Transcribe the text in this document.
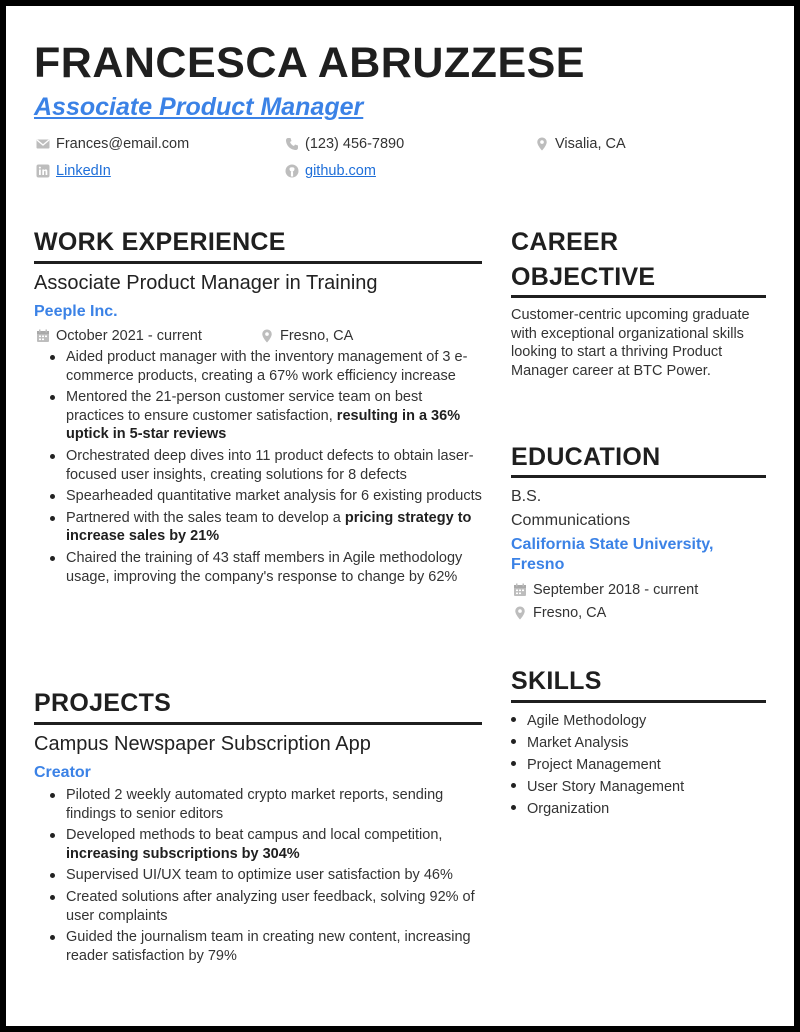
FRANCESCA ABRUZZESE
Associate Product Manager
Frances@email.com	(123) 456-7890	Visalia, CA
LinkedIn	github.com
WORK EXPERIENCE
Associate Product Manager in Training
Peeple Inc.
October 2021 - current	Fresno, CA
Aided product manager with the inventory management of 3 e-commerce products, creating a 67% work efficiency increase
Mentored the 21-person customer service team on best practices to ensure customer satisfaction, resulting in a 36% uptick in 5-star reviews
Orchestrated deep dives into 11 product defects to obtain laser-focused user insights, creating solutions for 8 defects
Spearheaded quantitative market analysis for 6 existing products
Partnered with the sales team to develop a pricing strategy to increase sales by 21%
Chaired the training of 43 staff members in Agile methodology usage, improving the company's response to change by 62%
PROJECTS
Campus Newspaper Subscription App
Creator
Piloted 2 weekly automated crypto market reports, sending findings to senior editors
Developed methods to beat campus and local competition, increasing subscriptions by 304%
Supervised UI/UX team to optimize user satisfaction by 46%
Created solutions after analyzing user feedback, solving 92% of user complaints
Guided the journalism team in creating new content, increasing reader satisfaction by 79%
CAREER
OBJECTIVE
Customer-centric upcoming graduate with exceptional organizational skills looking to start a thriving Product Manager career at BTC Power.
EDUCATION
B.S.
Communications
California State University, Fresno
September 2018 - current
Fresno, CA
SKILLS
Agile Methodology
Market Analysis
Project Management
User Story Management
Organization
